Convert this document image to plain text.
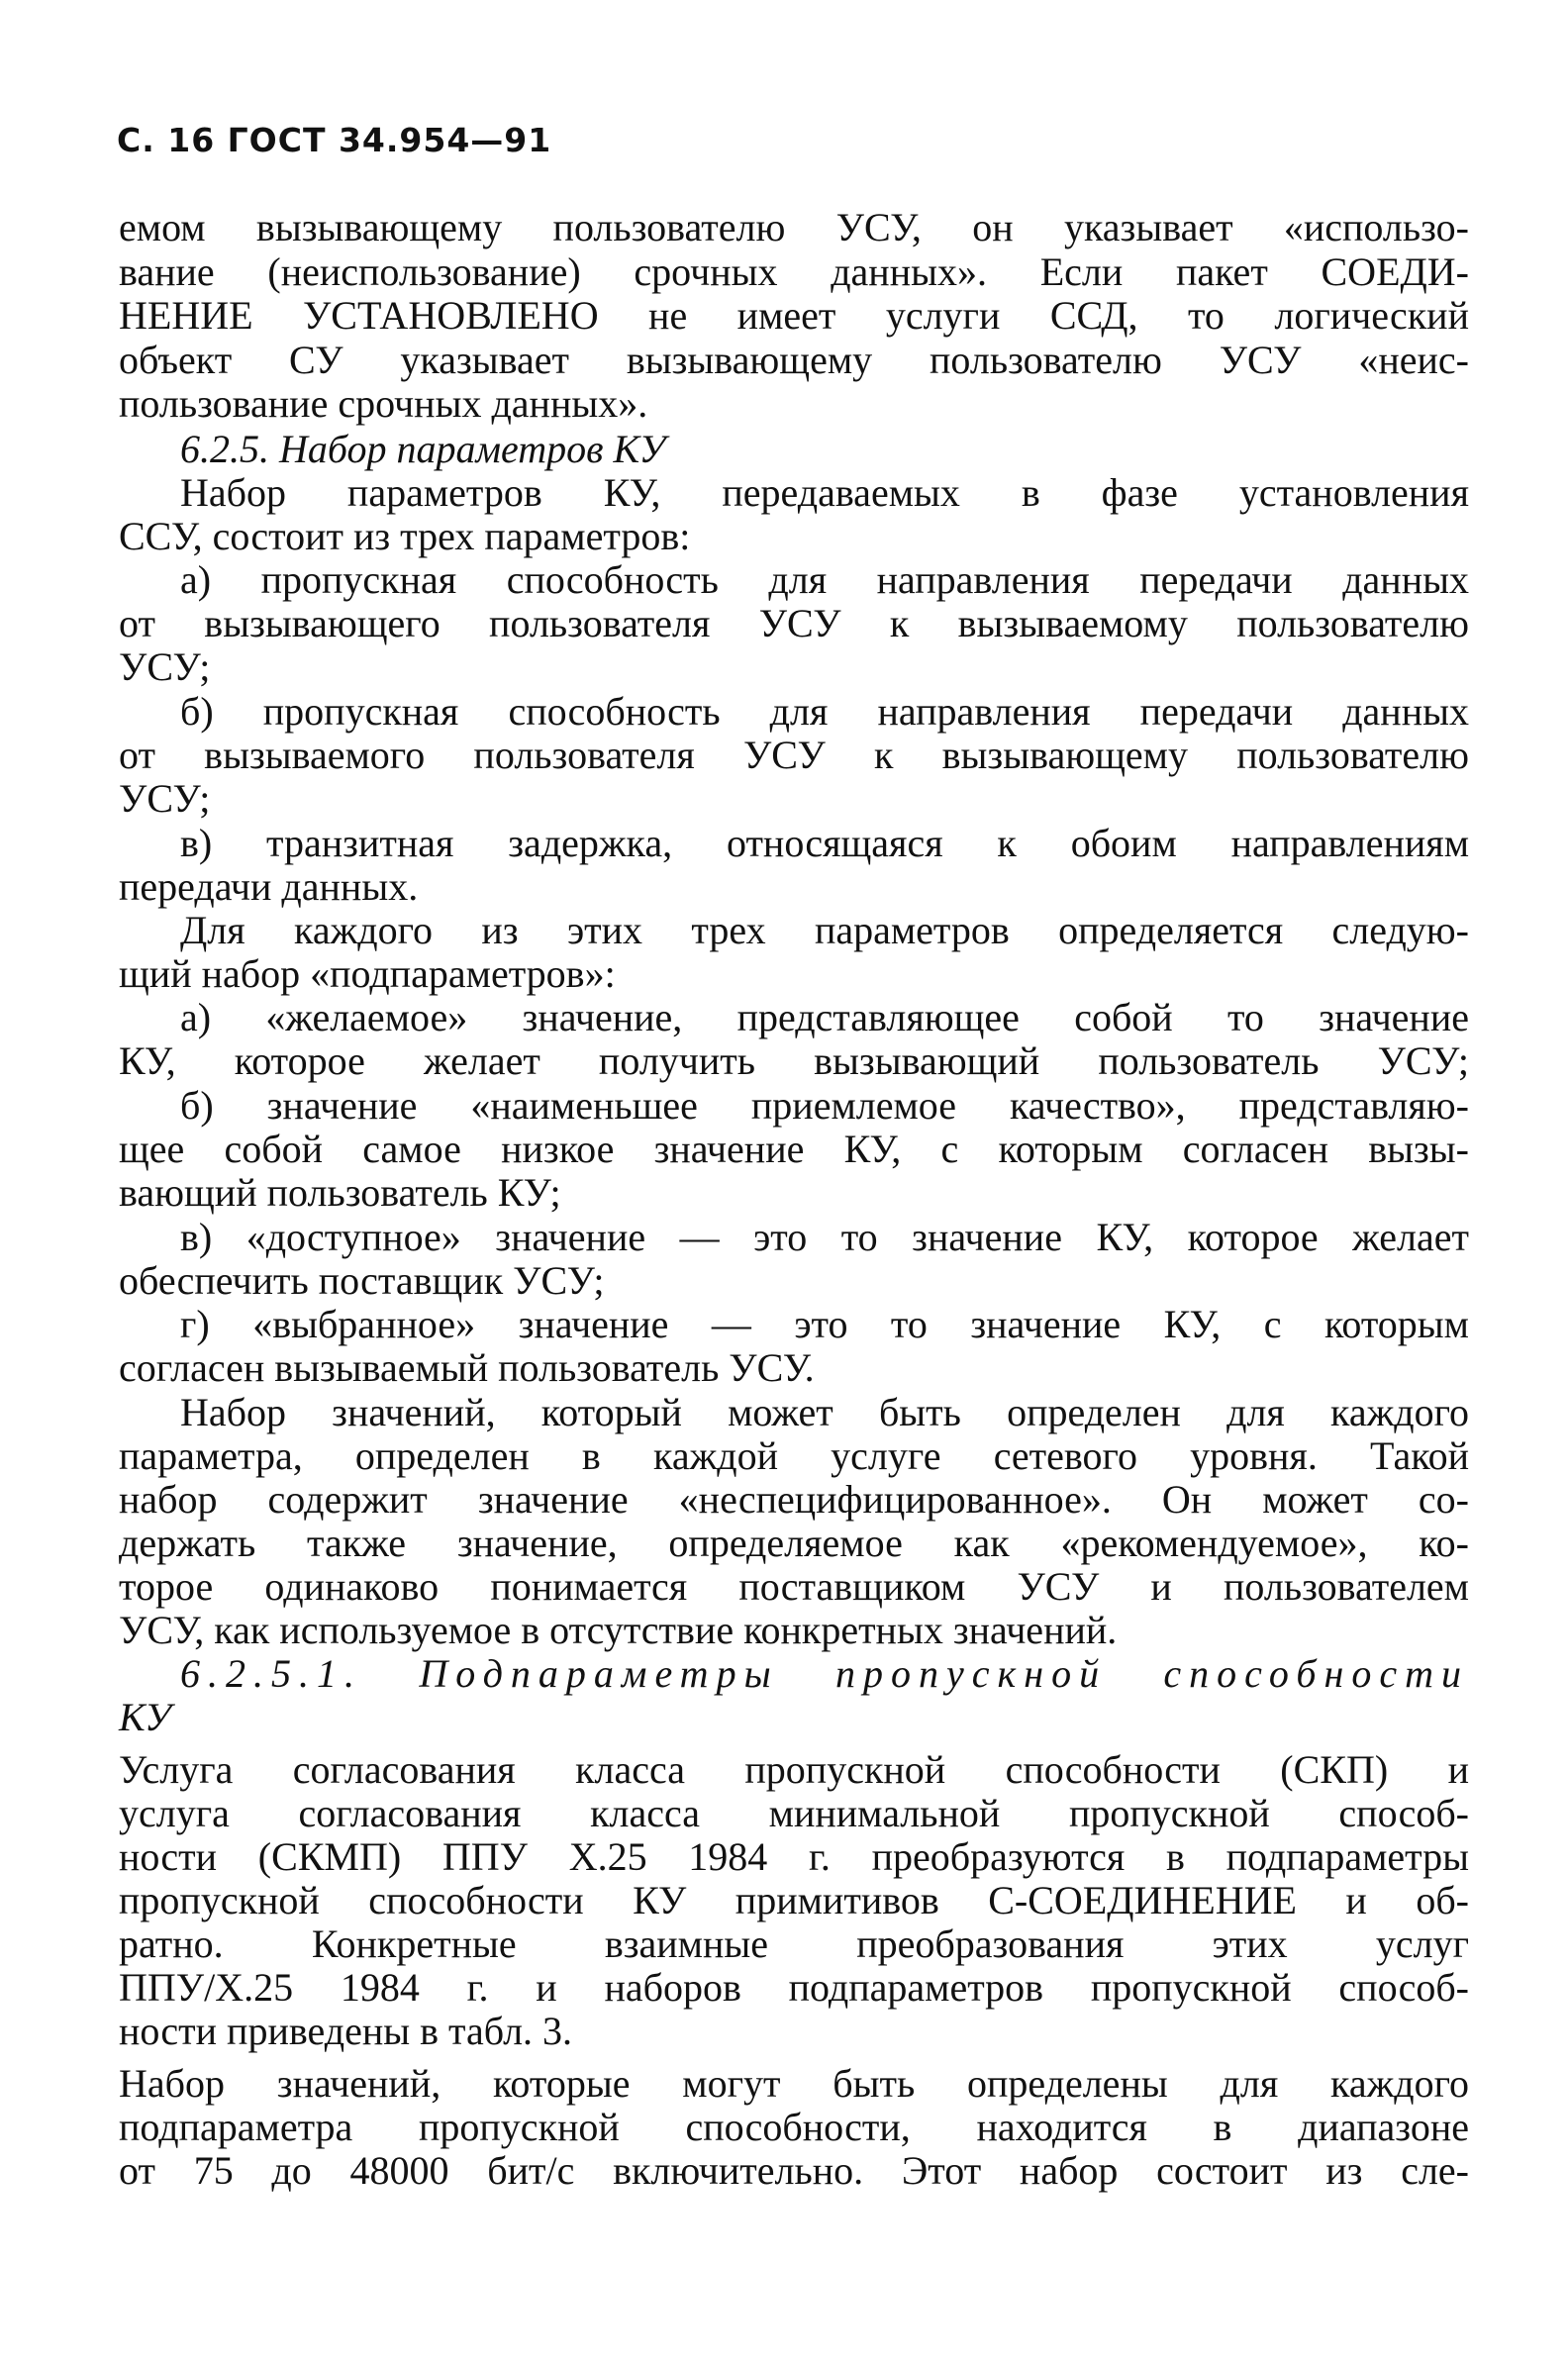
С. 16 ГОСТ 34.954—91
емом вызывающему пользователю УСУ, он указывает «использо-
вание (неиспользование) срочных данных». Если пакет СОЕДИ-
НЕНИЕ УСТАНОВЛЕНО не имеет услуги ССД, то логический
объект СУ указывает вызывающему пользователю УСУ «неис-
пользование срочных данных».
6.2.5. Набор параметров КУ
Набор параметров КУ, передаваемых в фазе установления
ССУ, состоит из трех параметров:
а) пропускная способность для направления передачи данных
от вызывающего пользователя УСУ к вызываемому пользователю
УСУ;
б) пропускная способность для направления передачи данных
от вызываемого пользователя УСУ к вызывающему пользователю
УСУ;
в) транзитная задержка, относящаяся к обоим направлениям
передачи данных.
Для каждого из этих трех параметров определяется следую-
щий набор «подпараметров»:
а) «желаемое» значение, представляющее собой то значение
КУ, которое желает получить вызывающий пользователь УСУ;
б) значение «наименьшее приемлемое качество», представляю-
щее собой самое низкое значение КУ, с которым согласен вызы-
вающий пользователь КУ;
в) «доступное» значение — это то значение КУ, которое желает
обеспечить поставщик УСУ;
г) «выбранное» значение — это то значение КУ, с которым
согласен вызываемый пользователь УСУ.
Набор значений, который может быть определен для каждого
параметра, определен в каждой услуге сетевого уровня. Такой
набор содержит значение «неспецифицированное». Он может со-
держать также значение, определяемое как «рекомендуемое», ко-
торое одинаково понимается поставщиком УСУ и пользователем
УСУ, как используемое в отсутствие конкретных значений.
6.2.5.1. Подпараметры пропускной способности
КУ
Услуга согласования класса пропускной способности (СКП) и
услуга согласования класса минимальной пропускной способ-
ности (СКМП) ППУ Х.25 1984 г. преобразуются в подпараметры
пропускной способности КУ примитивов С-СОЕДИНЕНИЕ и об-
ратно. Конкретные взаимные преобразования этих услуг
ППУ/Х.25 1984 г. и наборов подпараметров пропускной способ-
ности приведены в табл. 3.
Набор значений, которые могут быть определены для каждого
подпараметра пропускной способности, находится в диапазоне
от 75 до 48000 бит/с включительно. Этот набор состоит из сле-
